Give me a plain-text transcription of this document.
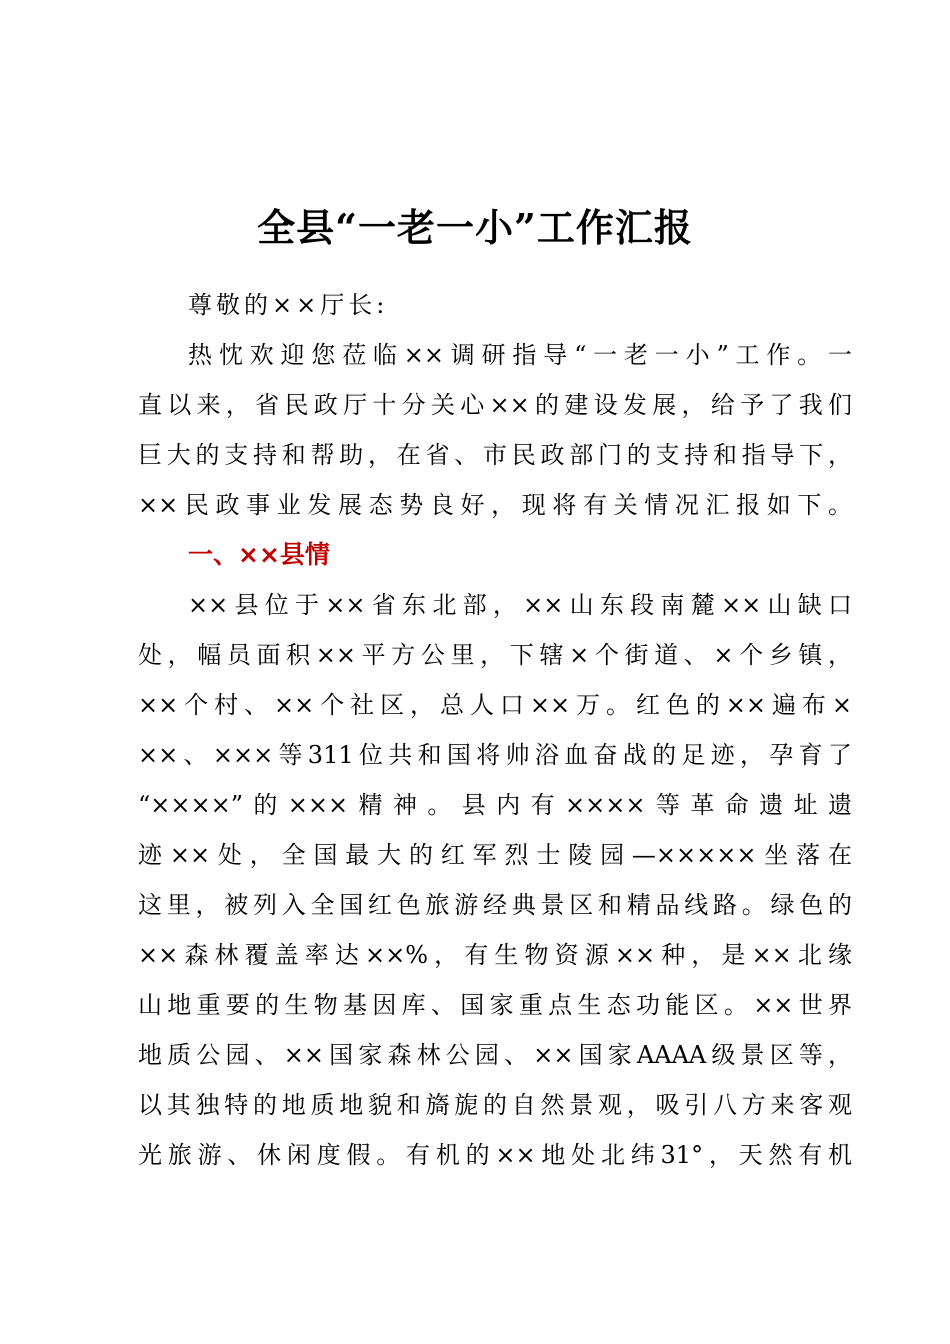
全县“一老一小”工作汇报
尊敬的××厅长:
热忱欢迎您莅临××调研指导“一老一小”工作。一
直以来，省民政厅十分关心××的建设发展，给予了我们
巨大的支持和帮助，在省、市民政部门的支持和指导下，
××民政事业发展态势良好，现将有关情况汇报如下。
一、××县情
××县位于××省东北部，××山东段南麓××山缺口
处，幅员面积××平方公里，下辖×个街道、×个乡镇，
××个村、××个社区，总人口××万。红色的××遍布×
××、×××等311位共和国将帅浴血奋战的足迹，孕育了
“××××”的×××精神。县内有××××等革命遗址遗
迹××处，全国最大的红军烈士陵园—×××××坐落在
这里，被列入全国红色旅游经典景区和精品线路。绿色的
××森林覆盖率达××%，有生物资源××种，是××北缘
山地重要的生物基因库、国家重点生态功能区。××世界
地质公园、××国家森林公园、××国家AAAA级景区等，
以其独特的地质地貌和旖旎的自然景观，吸引八方来客观
光旅游、休闲度假。有机的××地处北纬31°，天然有机
